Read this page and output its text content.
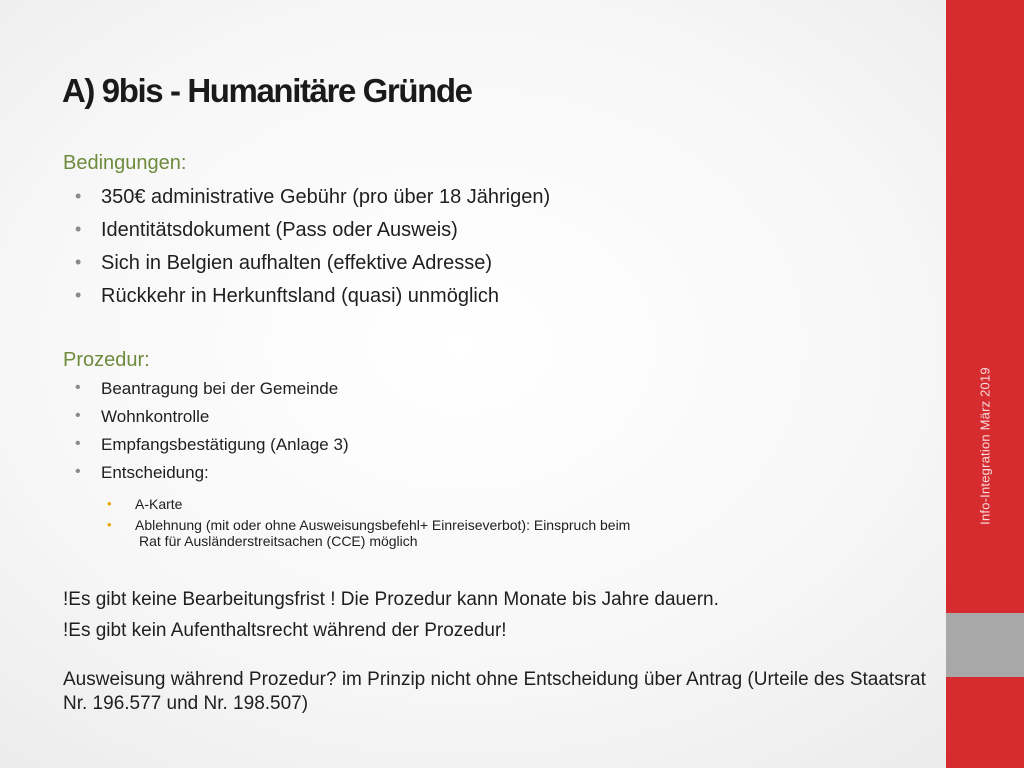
A) 9bis - Humanitäre Gründe

Bedingungen:

• 350€ administrative Gebühr (pro über 18 Jährigen)
• Identitätsdokument (Pass oder Ausweis)
• Sich in Belgien aufhalten (effektive Adresse)
• Rückkehr in Herkunftsland (quasi) unmöglich

Prozedur:

• Beantragung bei der Gemeinde
• Wohnkontrolle
• Empfangsbestätigung (Anlage 3)
• Entscheidung:
• A-Karte
• Ablehnung (mit oder ohne Ausweisungsbefehl+ Einreiseverbot): Einspruch beim
Rat für Ausländerstreitsachen (CCE) möglich

!Es gibt keine Bearbeitungsfrist ! Die Prozedur kann Monate bis Jahre dauern.

!Es gibt kein Aufenthaltsrecht während der Prozedur!

Ausweisung während Prozedur? im Prinzip nicht ohne Entscheidung über Antrag (Urteile des Staatsrat Nr. 196.577 und Nr. 198.507)

Info-Integration März 2019
